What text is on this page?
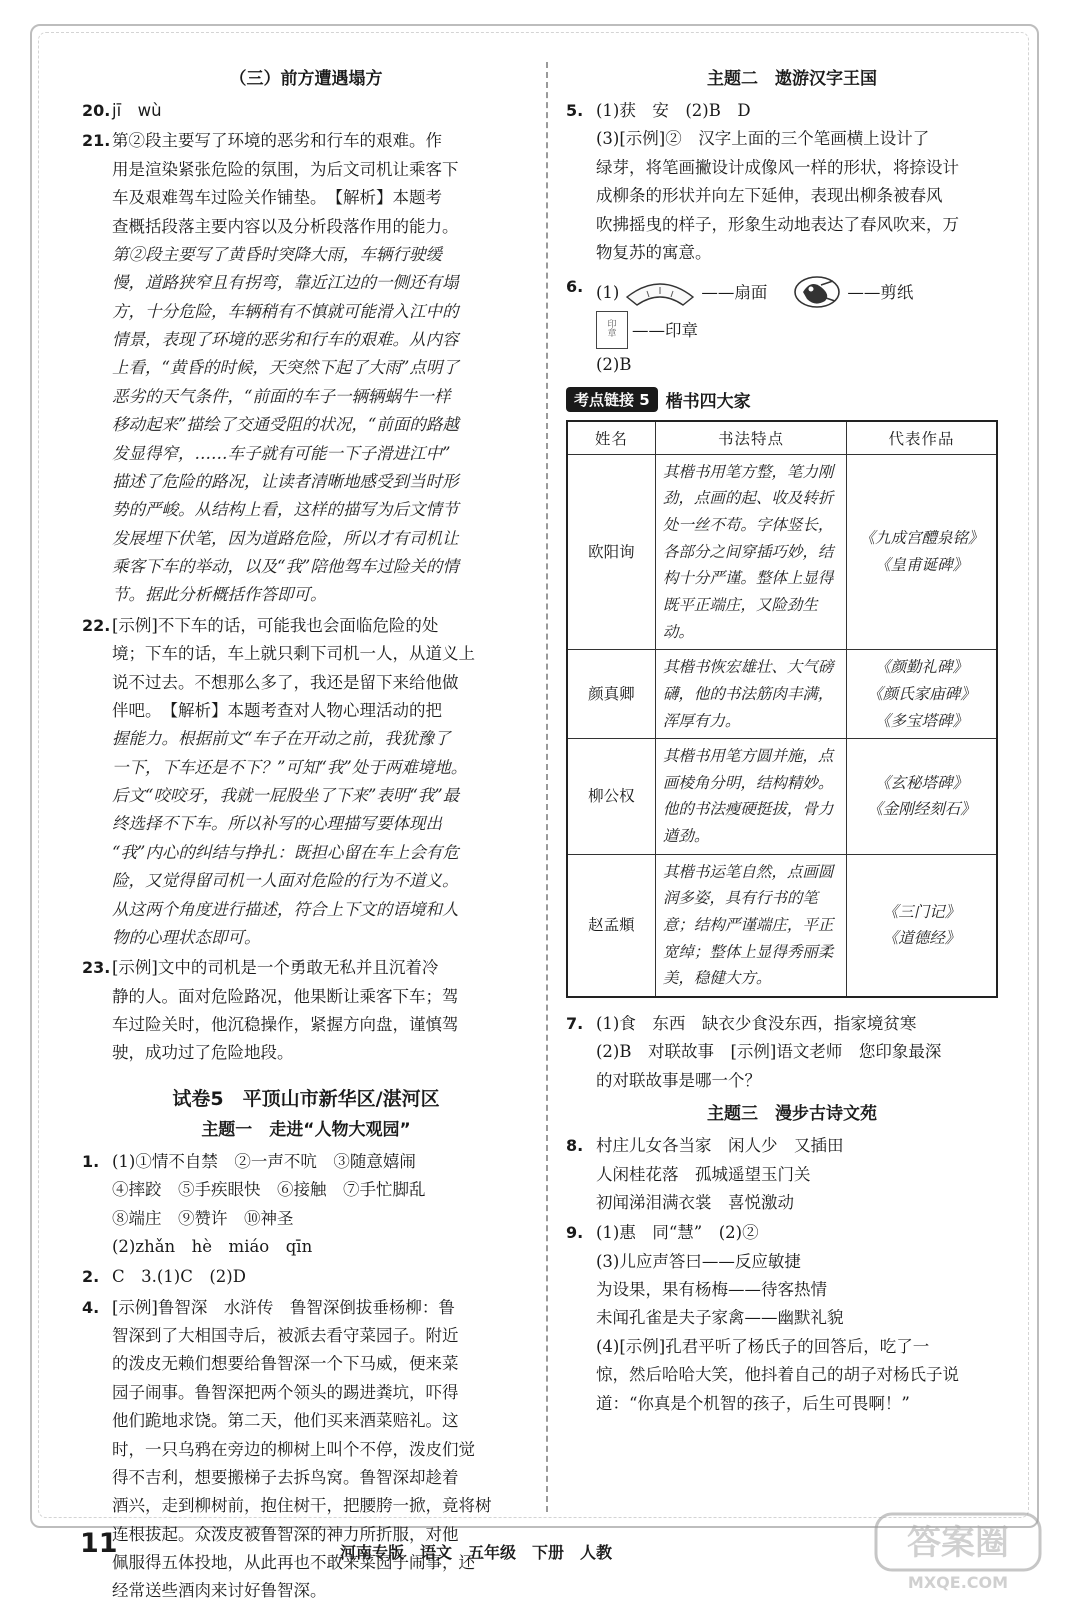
（三）前方遭遇塌方
20. jī　wù
21. 第②段主要写了环境的恶劣和行车的艰难。作
用是渲染紧张危险的氛围，为后文司机让乘客下
车及艰难驾车过险关作铺垫。　【解析】本题考
查概括段落主要内容以及分析段落作用的能力。
第②段主要写了黄昏时突降大雨，车辆行驶缓
慢，道路狭窄且有拐弯，靠近江边的一侧还有塌
方，十分危险，车辆稍有不慎就可能滑入江中的
情景，表现了环境的恶劣和行车的艰难。从内容
上看，“黄昏的时候，天突然下起了大雨”点明了
恶劣的天气条件，“前面的车子一辆辆蜗牛一样
移动起来”描绘了交通受阻的状况，“前面的路越
发显得窄，……车子就有可能一下子滑进江中”
描述了危险的路况，让读者清晰地感受到当时形
势的严峻。从结构上看，这样的描写为后文情节
发展埋下伏笔，因为道路危险，所以才有司机让
乘客下车的举动，以及“我”陪他驾车过险关的情
节。据此分析概括作答即可。
22. [示例]不下车的话，可能我也会面临危险的处
境；下车的话，车上就只剩下司机一人，从道义上
说不过去。不想那么多了，我还是留下来给他做
伴吧。　【解析】本题考查对人物心理活动的把
握能力。根据前文“车子在开动之前，我犹豫了
一下，下车还是不下？”可知“我”处于两难境地。
后文“咬咬牙，我就一屁股坐了下来”表明“我”最
终选择不下车。所以补写的心理描写要体现出
“我”内心的纠结与挣扎：既担心留在车上会有危
险，又觉得留司机一人面对危险的行为不道义。
从这两个角度进行描述，符合上下文的语境和人
物的心理状态即可。
23. [示例]文中的司机是一个勇敢无私并且沉着冷
静的人。面对危险路况，他果断让乘客下车；驾
车过险关时，他沉稳操作，紧握方向盘，谨慎驾
驶，成功过了危险地段。
试卷5　平顶山市新华区/湛河区
主题一　走进“人物大观园”
1. (1)①情不自禁　②一声不吭　③随意嬉闹
④摔跤　⑤手疾眼快　⑥接触　⑦手忙脚乱
⑧端庄　⑨赞许　⑩神圣
(2)zhǎn　hè　miáo　qīn
2. C　3.(1)C　(2)D
4. [示例]鲁智深　水浒传　鲁智深倒拔垂杨柳：鲁
智深到了大相国寺后，被派去看守菜园子。附近
的泼皮无赖们想要给鲁智深一个下马威，便来菜
园子闹事。鲁智深把两个领头的踢进粪坑，吓得
他们跪地求饶。第二天，他们买来酒菜赔礼。这
时，一只乌鸦在旁边的柳树上叫个不停，泼皮们觉
得不吉利，想要搬梯子去拆鸟窝。鲁智深却趁着
酒兴，走到柳树前，抱住树干，把腰胯一掀，竟将树
连根拔起。众泼皮被鲁智深的神力所折服，对他
佩服得五体投地，从此再也不敢来菜园子闹事，还
经常送些酒肉来讨好鲁智深。
主题二　遨游汉字王国
5. (1)获　安　(2)B　D
(3)[示例]②　汉字上面的三个笔画横上设计了
绿芽，将笔画撇设计成像风一样的形状，将捺设计
成柳条的形状并向左下延伸，表现出柳条被春风
吹拂摇曳的样子，形象生动地表达了春风吹来，万
物复苏的寓意。
6. (1)	——扇面	——剪纸
印
章 ——印章
(2)B
考点链接 5 楷书四大家
姓名	书法特点	代表作品
欧阳询	其楷书用笔方整，笔力刚劲，点画的起、收及转折处一丝不苟。字体竖长，各部分之间穿插巧妙，结构十分严谨。整体上显得既平正端庄，又险劲生动。	《九成宫醴泉铭》
《皇甫诞碑》

颜真卿	其楷书恢宏雄壮、大气磅礴，他的书法筋肉丰满，浑厚有力。	《颜勤礼碑》
《颜氏家庙碑》
《多宝塔碑》

柳公权	其楷书用笔方圆并施，点画棱角分明，结构精妙。他的书法瘦硬挺拔，骨力遒劲。	《玄秘塔碑》
《金刚经刻石》

赵孟頫	其楷书运笔自然，点画圆润多姿，具有行书的笔意；结构严谨端庄，平正宽绰；整体上显得秀丽柔美，稳健大方。	《三门记》
《道德经》
7. (1)食　东西　缺衣少食没东西，指家境贫寒
(2)B　对联故事　[示例]语文老师　您印象最深
的对联故事是哪一个？
主题三　漫步古诗文苑
8. 村庄儿女各当家　闲人少　又插田
人闲桂花落　孤城遥望玉门关
初闻涕泪满衣裳　喜悦激动
9. (1)惠　同“慧”　(2)②
(3)儿应声答曰——反应敏捷
为设果，果有杨梅——待客热情
未闻孔雀是夫子家禽——幽默礼貌
(4)[示例]孔君平听了杨氏子的回答后，吃了一
惊，然后哈哈大笑，他抖着自己的胡子对杨氏子说
道：“你真是个机智的孩子，后生可畏啊！”
11	河南专版　语文　五年级　下册　人教	答案圈
MXQE.COM
